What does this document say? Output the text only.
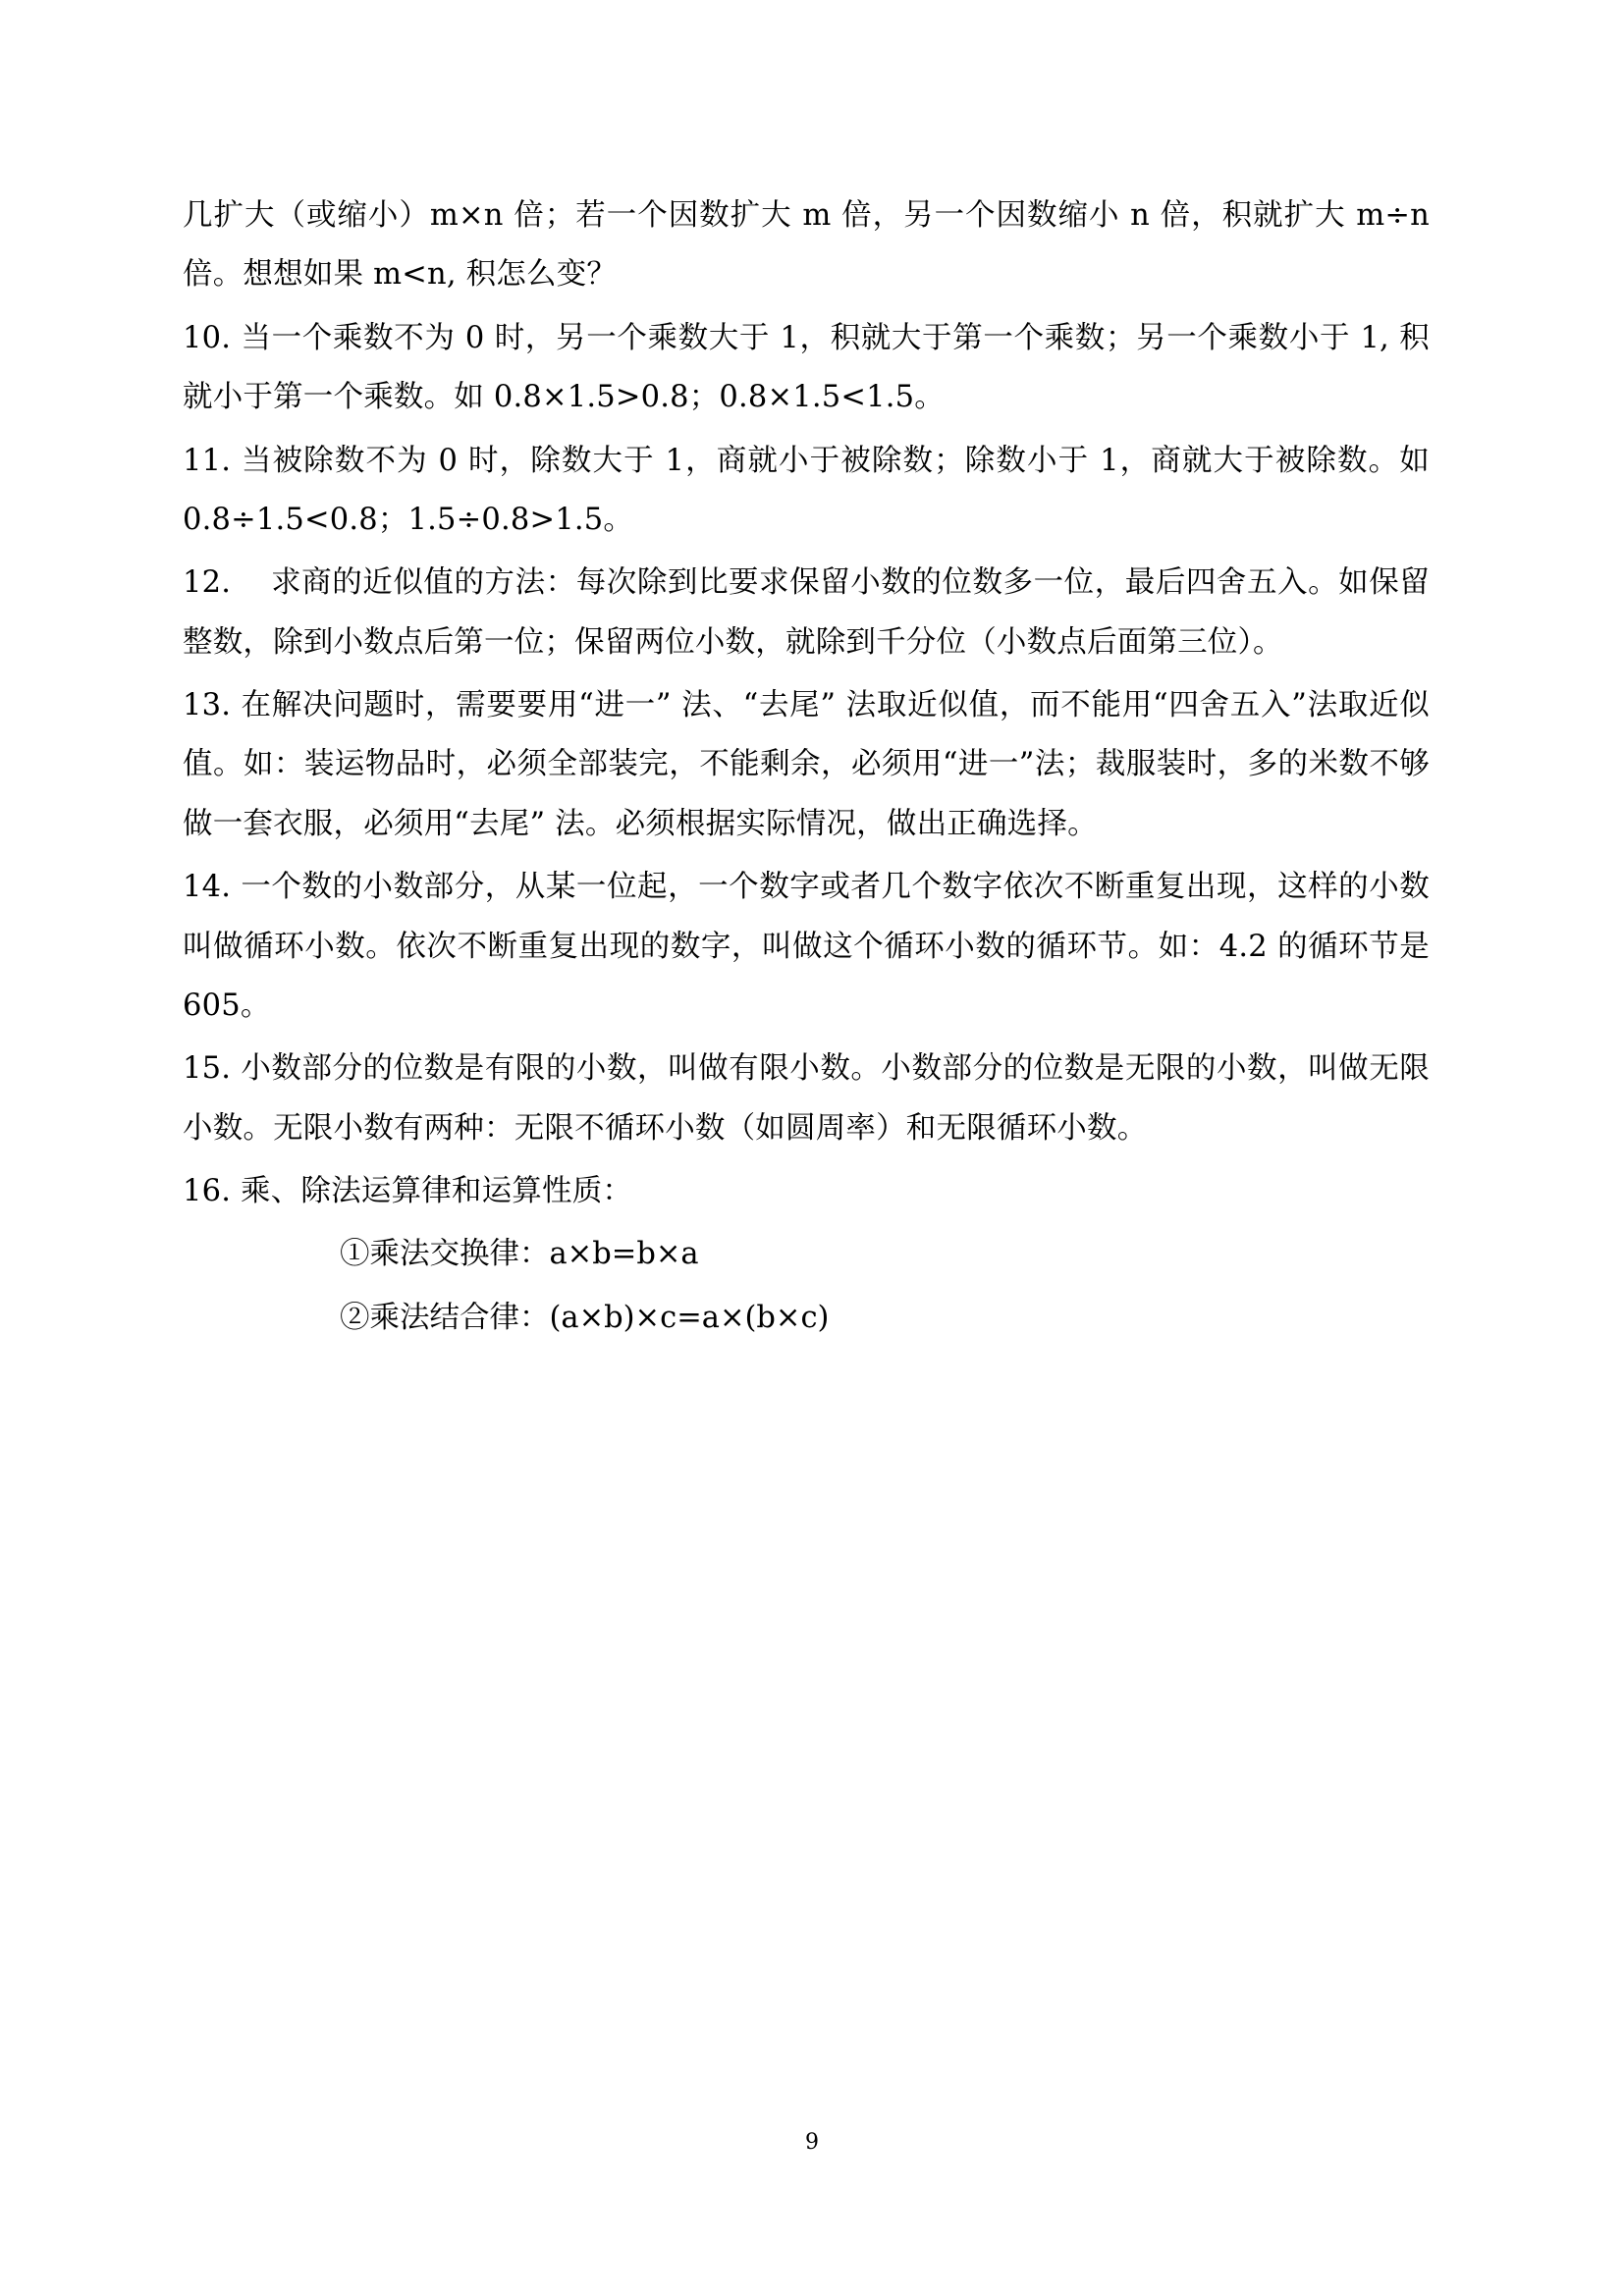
几扩大（或缩小）m×n 倍；若一个因数扩大 m 倍，另一个因数缩小 n 倍，积就扩大 m÷n 倍。想想如果 m<n, 积怎么变？

10. 当一个乘数不为 0 时，另一个乘数大于 1，积就大于第一个乘数；另一个乘数小于 1, 积就小于第一个乘数。如 0.8×1.5>0.8；0.8×1.5<1.5。

11. 当被除数不为 0 时，除数大于 1，商就小于被除数；除数小于 1，商就大于被除数。如 0.8÷1.5<0.8；1.5÷0.8>1.5。

12.    求商的近似值的方法：每次除到比要求保留小数的位数多一位，最后四舍五入。如保留整数，除到小数点后第一位；保留两位小数，就除到千分位（小数点后面第三位）。

13. 在解决问题时，需要要用“进一” 法、“去尾” 法取近似值，而不能用“四舍五入”法取近似值。如：装运物品时，必须全部装完，不能剩余，必须用“进一”法；裁服装时，多的米数不够做一套衣服，必须用“去尾” 法。必须根据实际情况，做出正确选择。

14. 一个数的小数部分，从某一位起，一个数字或者几个数字依次不断重复出现，这样的小数叫做循环小数。依次不断重复出现的数字，叫做这个循环小数的循环节。如：4.2 的循环节是 605。

15. 小数部分的位数是有限的小数，叫做有限小数。小数部分的位数是无限的小数，叫做无限小数。无限小数有两种：无限不循环小数（如圆周率）和无限循环小数。

16. 乘、除法运算律和运算性质：

①乘法交换律：a×b=b×a

②乘法结合律：(a×b)×c=a×(b×c)

9
